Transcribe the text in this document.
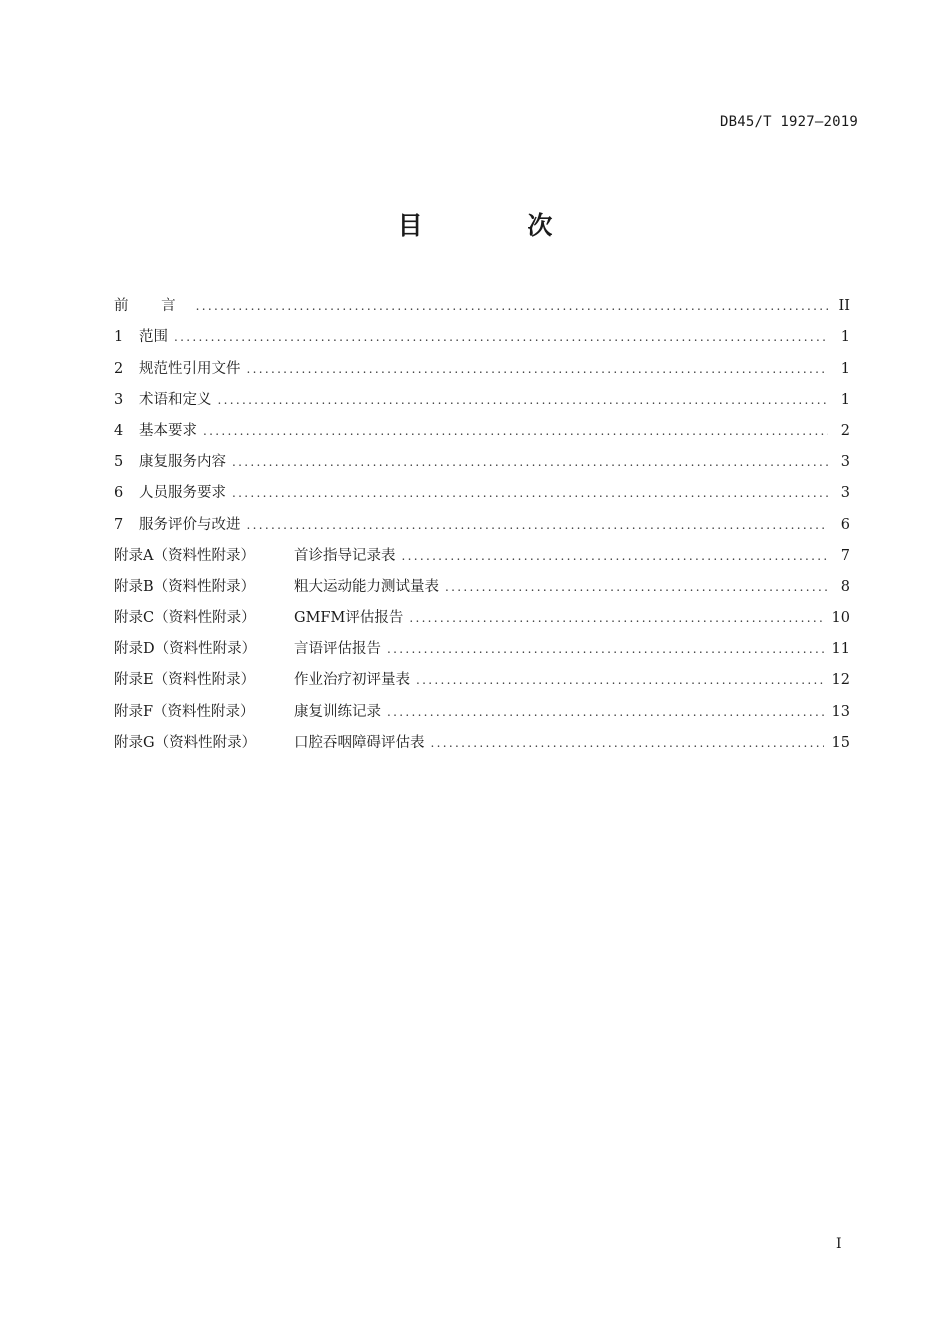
DB45/T 1927—2019
目 次
前 言 .....	II
1 范围 .....	1
2 规范性引用文件 .....	1
3 术语和定义 .....	1
4 基本要求 .....	2
5 康复服务内容 .....	3
6 人员服务要求 .....	3
7 服务评价与改进 .....	6
附录A（资料性附录）	首诊指导记录表 .....	7
附录B（资料性附录）	粗大运动能力测试量表 .....	8
附录C（资料性附录）	GMFM评估报告 .....	10
附录D（资料性附录）	言语评估报告 .....	11
附录E（资料性附录）	作业治疗初评量表 .....	12
附录F（资料性附录）	康复训练记录 .....	13
附录G（资料性附录）	口腔吞咽障碍评估表 .....	15
I
